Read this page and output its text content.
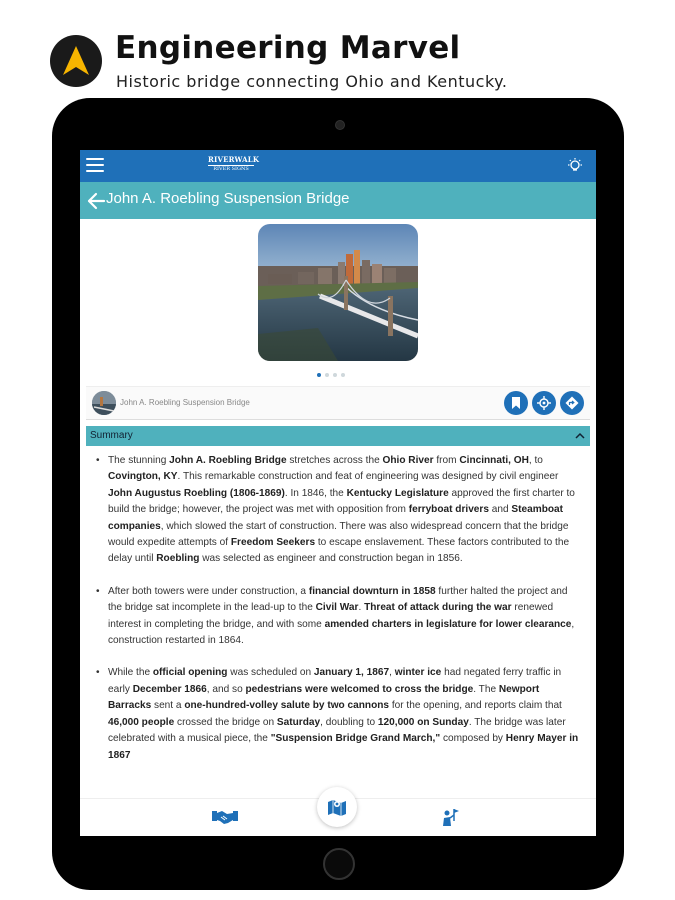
Engineering Marvel
Historic bridge connecting Ohio and Kentucky.
RIVERWALK
RIVER SIGNS
John A. Roebling Suspension Bridge
John A. Roebling Suspension Bridge
Summary

• The stunning John A. Roebling Bridge stretches across the Ohio River from Cincinnati, OH, to Covington, KY. This remarkable construction and feat of engineering was designed by civil engineer John Augustus Roebling (1806-1869). In 1846, the Kentucky Legislature approved the first charter to build the bridge; however, the project was met with opposition from ferryboat drivers and Steamboat companies, which slowed the start of construction. There was also widespread concern that the bridge would expedite attempts of Freedom Seekers to escape enslavement. These factors contributed to the delay until Roebling was selected as engineer and construction began in 1856.

• After both towers were under construction, a financial downturn in 1858 further halted the project and the bridge sat incomplete in the lead-up to the Civil War. Threat of attack during the war renewed interest in completing the bridge, and with some amended charters in legislature for lower clearance, construction restarted in 1864.

• While the official opening was scheduled on January 1, 1867, winter ice had negated ferry traffic in early December 1866, and so pedestrians were welcomed to cross the bridge. The Newport Barracks sent a one-hundred-volley salute by two cannons for the opening, and reports claim that 46,000 people crossed the bridge on Saturday, doubling to 120,000 on Sunday. The bridge was later celebrated with a musical piece, the "Suspension Bridge Grand March," composed by Henry Mayer in 1867
